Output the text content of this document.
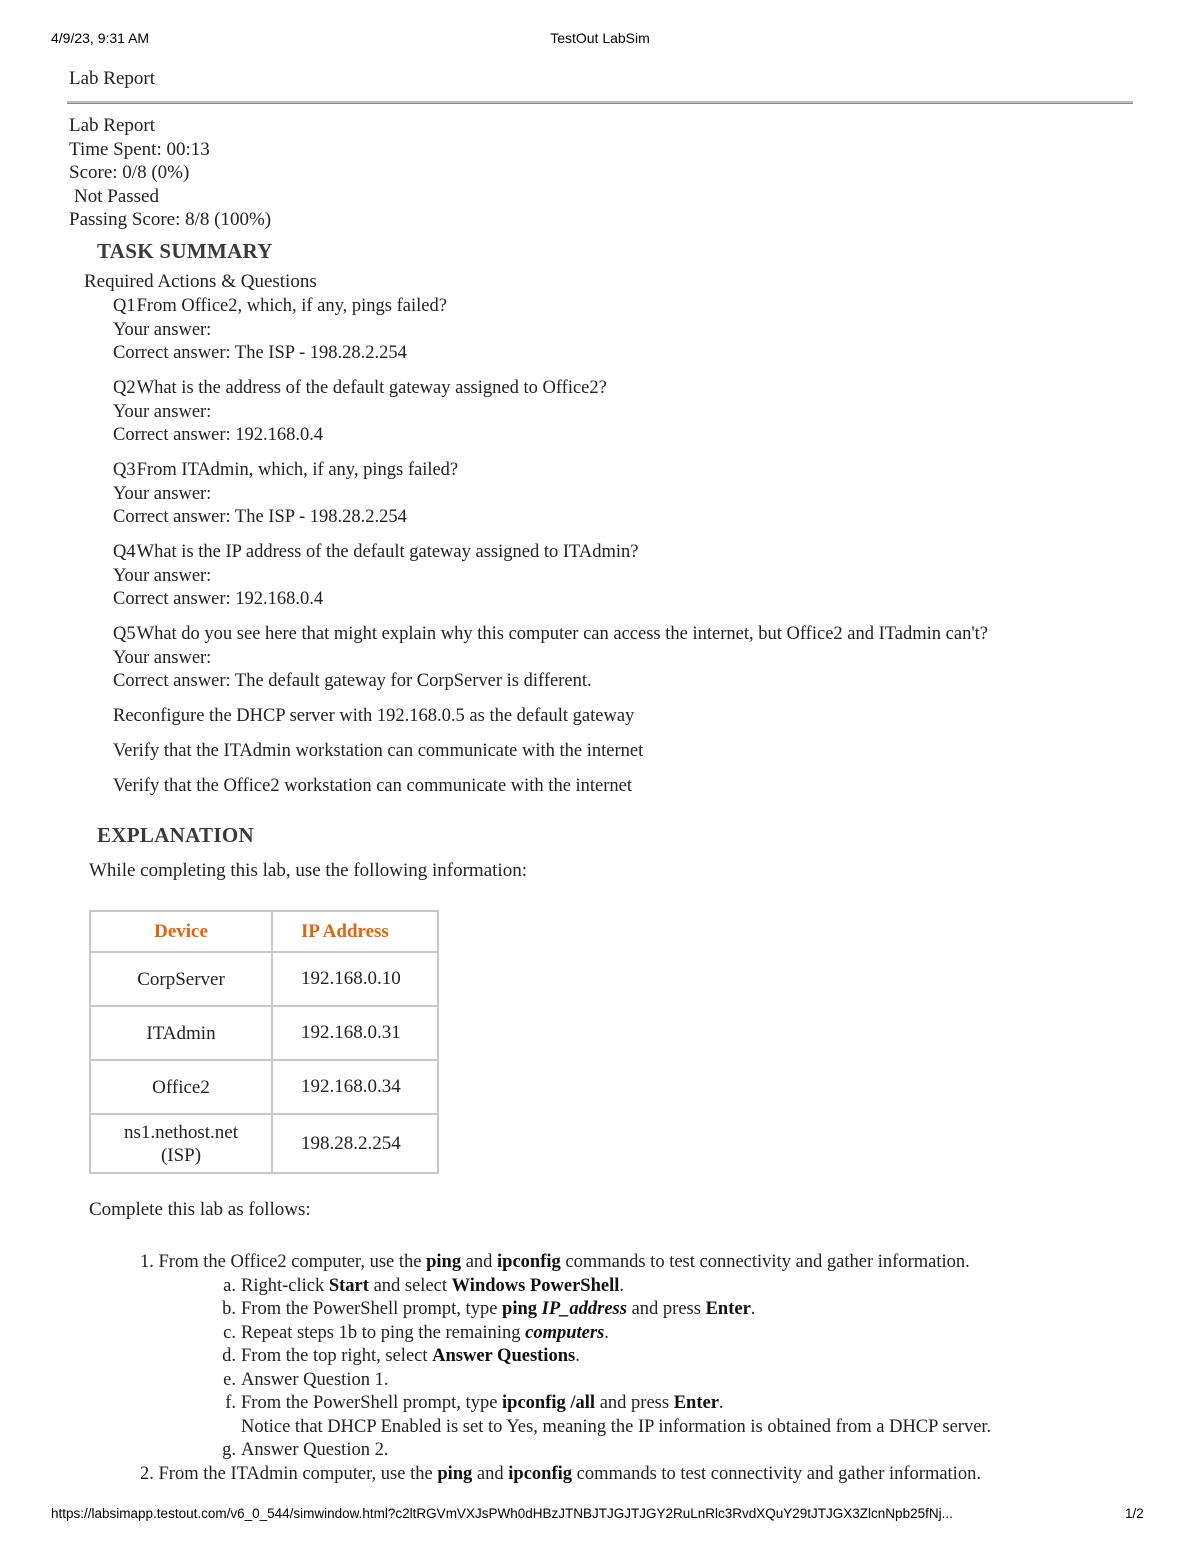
4/9/23, 9:31 AM	TestOut LabSim
Lab Report
Lab Report
Time Spent: 00:13
Score: 0/8 (0%)
Not Passed
Passing Score: 8/8 (100%)
TASK SUMMARY
Required Actions & Questions
Q1From Office2, which, if any, pings failed?
Your answer:
Correct answer: The ISP - 198.28.2.254
Q2What is the address of the default gateway assigned to Office2?
Your answer:
Correct answer: 192.168.0.4
Q3From ITAdmin, which, if any, pings failed?
Your answer:
Correct answer: The ISP - 198.28.2.254
Q4What is the IP address of the default gateway assigned to ITAdmin?
Your answer:
Correct answer: 192.168.0.4
Q5What do you see here that might explain why this computer can access the internet, but Office2 and ITadmin can't?
Your answer:
Correct answer: The default gateway for CorpServer is different.
Reconfigure the DHCP server with 192.168.0.5 as the default gateway
Verify that the ITAdmin workstation can communicate with the internet
Verify that the Office2 workstation can communicate with the internet
EXPLANATION
While completing this lab, use the following information:
Device	IP Address
CorpServer	192.168.0.10
ITAdmin	192.168.0.31
Office2	192.168.0.34
ns1.nethost.net
(ISP)	198.28.2.254
Complete this lab as follows:
1. From the Office2 computer, use the ping and ipconfig commands to test connectivity and gather information.
a. Right-click Start and select Windows PowerShell.
b. From the PowerShell prompt, type ping IP_address and press Enter.
c. Repeat steps 1b to ping the remaining computers.
d. From the top right, select Answer Questions.
e. Answer Question 1.
f. From the PowerShell prompt, type ipconfig /all and press Enter.
Notice that DHCP Enabled is set to Yes, meaning the IP information is obtained from a DHCP server.
g. Answer Question 2.
2. From the ITAdmin computer, use the ping and ipconfig commands to test connectivity and gather information.
https://labsimapp.testout.com/v6_0_544/simwindow.html?c2ltRGVmVXJsPWh0dHBzJTNBJTJGJTJGY2RuLnRlc3RvdXQuY29tJTJGX3ZlcnNpb25fNj...	1/2
